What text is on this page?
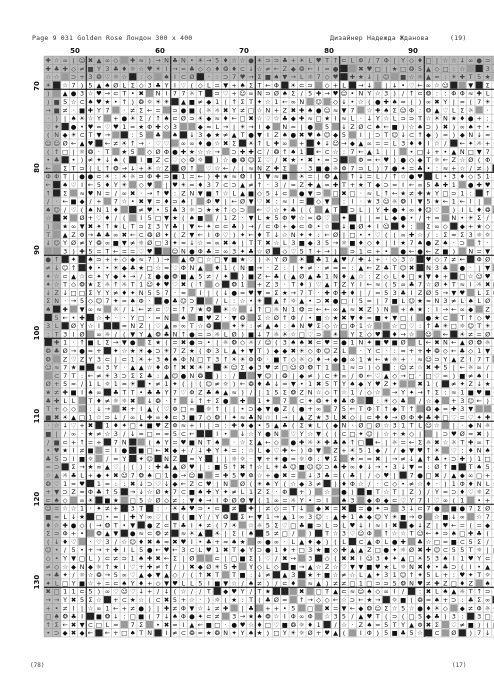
Page 9 031 Golden Rose Лондон 300 х 400	Дизайнер Надежда Жданова	(19)
50	60	70	80	90
70
80
90
100
110
120
130
✚ ☆ ∞ ( ☺ ✖ ▲ ∞ ◇ ✚ ≈ ) → N ♣ N • ☀ → 5 ♦ ☆ ☆ ● ☀ ⊃ ⊃ ♣ + ☀ L ♥ T ↑ ⊂ L Φ / 7 Φ | Y ◇ ♦ □ | ☆ ☆ ↓ ∞ ● ⊃
✚ ♣ ✚ ◇ ≠ ■ Y 3 ♣ ♦ ☼ ☆ ♥ ☀ I → = ♣ ◇ ◇ ♦ ❂ ♦ ⊂ ↓ ☆ ≠ ← Z ◆ ❂ ← I ≈ ●	✖ ♥ □ | ★ □ ❂ 5 ▲ ◇ □ : ☆	3
☆ ☆ ⊃ + 3 ❂ ♡ ☼ ☆ : ◇ ♠ I ⊂ Ø · : ⊃ 7 ♥ → Σ ■ ♠ ▼ → L ☼ 7 ◇ ♥ ✚ ★ ↓ | ☺ ■ ☆ ☼ ▲ ≈ : ☀ ✚ T 5 ★
☀ ☆ 7 ) 5 ▲ ♠ Ø L Σ ◇ 3 ♣ Y I ♡ ( ◇ L = ▼ + ♠ Σ T ← Φ ☀ ⊂ ⊃ ◇ + L → ↓ | ↓ • ♡ ← ∞ ☆ ☺	▼ Σ
) ▲ ● 3 ☆ ♥ → ⊂ T • ✖ N I 7 7 ☼ T ⊃ ♡ + ☺ ∞ N ⊃ Ø ♠ Σ / 5 ✚ → ♥ ☺ • N Y ☆ 3 ) / ↑ ⊂ ❂ : : Φ Φ ≈ ✚ L
) ■ 5 ☆ ⊂ ♠ ♥ ★ • ↑ ) ❂ ☼ ☀ ☀ ▲ ■ ≠ ◆ 1 ( ↑ Σ T ✦ ☆ 1 ← ∞ N ☺ ◇ ↓ • ☆ ( ● ✚ ♠ ≈ ( ) ∞ ✖ Y | ≈ ( 7 ☀
→ ■ ≠ · ■ ✚ Y 7 · ≠ Σ ← = ⊃ ● ■ ( ☼ ☼ ✖ Y ≠ □ ☆ N + Z ✖ ✚ ♠ ● ☺ ≈ ▼ 7 ☆ ✚ ♠ Σ ☺ Φ : ❂ ▲ ♡ L Σ ☼ ·
· ) | ♠ ☀ ☆ Y + ● ☀ Σ / ↑ ♠ ⊂ Ø ⊃ ☀ ◆ ≈ ♦ ← □ ✖ ☆ ♡ ☆ ♣ ◆ ✚ ≈ □ ★ I ≈ L · ↓ Y ☆ L ⊃ ⊃ T ☆ ☀ N ★ ♦ ● + :
♡ ✦ ● • ♥ = ♡ ♥ 1 = ★ Φ ✚ ◇ 3	◆ ≈ L → | ☀ → I ◆ N = | ● 5 ↓ Z Ø ⊂ ♠ ← ■ ) ☆ ♠ ⊃ ) ✖ ) ∞ ♠ + •
( N ◆ ☀ ⊂ T ▼ →	: 5 ♣ ♠ ↓ 3 ◆ ★ ≠ ▲ T ● ▼ I Z ♠ ● ✖ ♥ ♠ ☺ ◆ 5 I | ⊃ T ☺ ↓ ⊂ ↑ ◆ ) = ) ◆ N ↓ ≈
☺ ☺ Ø ← ▲ ♥ ← ≠ ☀ ↑ → · ♡ ♡ ∞ ∞ ♦ ● ☆ ✖ Σ ☀ ↑ L ✚ ∞ + ♦ ↓ ☺ → ◆ ▲ ∞ = = L 3 ♦ ♦ I ☆ / ← ✦ ☼ +
( ↑ □ | ☼ ❂ · T ★ 5 ◇ Ø Φ ● ✚ ★ ☆ ☆ → ⊃ ✚ ✚ ⊂ / ❂ ↑ ♠ 1 ← ⊂ ☆ : 7 ← ▲ 1 | | • □ ↓ + • ▲ N □ ▼ 7
• ♣ • ) ≠ ✦ ↓ ♠ ( I ■ Z ⊂ ♡ ◇ ❂ ☼ ) ☆ ● ❂ ☺ Σ ♡ / ✖ ★ • ✖ • ≈ ⊃	Φ ≈ ← ♥ ) ● ◇ ◆ T ☼ ← Z ☆ Ø ( Φ
← Σ T ⊃ ( L ↑ ❂ → ↓ + ☀ ☆ Z Ø ↑ ♡ ☆ ← / ( ≈ N Z ✚ Σ · 3 ■ ● ☼ Φ 7 ⊃ L ) 7 ● ✦ = ♣ • : ≈ + ☆ / ≠ )
Φ Φ T | ● ● ⊂ ☀ : ☀ ☼ ⊃ Φ ✚ ⊃ ■ 1 = ← ) ✚ ★ ≈ ❂ I 1 ▼ ≈ ■ ☀ = | ❂ ▲ ↑ ↓ = L / ↑ ☆ ● ♥ L • 3 ♦ ◇ 5 1
← ♠ ♡ I ← 5 ♦ Y ☀ ◇ ♥ | ♥ ☀ = ♦ 3 7 ⊂ ⊃ ▲ ≠ ↑ · 3 / = Z ✚ ▲ = ✚ T + ★ T ◆ ⊃ = I ← ∞ 5 ♣ ✚ 1 ● ✚ ♥
↑ Σ ≈ ♥ N = / ∞ ✖ · → ↑ ♥ : Z N ▼ ■ ↑ ☆ L ▲ ■ ◇ 5 ↓ ⊂ ● ▼ ⊃ □ ✖ □ · ≈ L ↑ ← ★ ≠ ✚ ★ Y □ ⊃ 1 : ↑
/ · ← ■ ◆ / + 7 ☆ • ✖ ▼ = ♦ ⊃ ♠ | Φ ♥ | ← Ø ▼ ♡ ✖ : ≈ I = ◇ ▼ : I · ★ 3 ☺ ☼ ❂ I ▼ 5 ★ ← 1 ← I |
♠ ☺ / ♡ ( ♠ N 1 ♦	≠ ♥ • 5 ♣ 3 ☼ ⊃ ★ ★ ↑ ◇ ⊃ ← ♡ ☆ ✦ ♣ ( ( ▲ T ⊃ L ) Y ✚ ● ✦ ∞ ♦ ☺ ♡ ) I L ♦ ❂
☆ ✖ Ø + ♡ ♦ / ( I 5 □ ▼ ★ ( ♠ ■ / 1 Z · ▼ L ★ 5 Φ ♥ ☆ = ❂ ♡ ✦ | | ≈ L ◆ ● • / + ≈ N • ☀ Σ /
) ★ ∞ ▼ ✖ ✦ ↑ ★ L T ⊃ Σ 3 Y ♣ | ▼ ← ✦ ⊂ ⊂ ♣ ) → / ⊂ Φ + ◆ ⊂ Φ • ☆ ↓ ■ Ø ✦ I ☺ ♦ : Σ ∞ ◇ ◆ + ★ ◇
T ▲ Z Φ → ♣ ♣ ∞ ✖ ← ⊂ ❂ Ø ✦ ( Z ▼ ← I Φ ♡ ) ✦ ← ♦ T ↓ ☆ N ✦ ✦ : ← Ø | □ • • ♡ ( ( ∞ ✚ ☆ / : Σ ≈ Σ 3 ☼ ☼
↓ ☺ Y Ø ≠ Y ❂ ∞ ■ ▼ ≠ ☼ Ø □ 3 ✦ ≈ ↓ ☆ = ∞ ✖ ♠ | T T ✖ ☆ L 3 ■ ◆ 3 5 → ☼ ■ ♦ ◇ ♦ | I ★ 7 ♠ ● Z ♠ · ⊃ ↑ ·
3 ) ✚ 5 = T ← = = ♡ ♥	☺ N ● Φ ♣ = ∞ 3 ✦ ♣ ☆ Ø ◇ ♡ 5 ↑ + → ) ⊃ 1 ⊂ + • ● ← ● ← Z ■ ) N = ▼
● ↑ ✦ ♠ ⊃ + + ◇ ◆ ≈ 7 ) → ▲ ❂ □ ☆ □ ▼ ■ ★ ♡ ) ☼ Y Ø ☀ ♣ 1 ▲ ♥ / ✚ ↓ + · ◇ 3 ☆ ♥ ◇ 7 ≠ ← Φ Ø
≠ ↓ ☺ ↑ ♦ • • ☀ ◆ ♣ ★ □ ☆ ≈ ♡ Φ N ▲ ♦ 1 ( N ■ → · Z : | ✦ ≠ · ≠ = = : ▲ ← Z ♣ T ☺ ✖ N 3 ♣ ● · | ▼
✦ ☆ ⊂ ▲ ☆ ⊂ ✦ Y ◆ ✦ → / Σ ● ● ❂ ■ ▲ 5 ≠ / ✦ ) ■ Z ← ♣ ( ▲ Ø ▲ ♣ 1 N ♦ ▲ ☆ : Z ◇ L ♦ □ ★ ▼ ♦ + □ ☆ ☺ ♥
✦ ☆ T ◇ ❂ ★ Σ ☼ ↑ ☼ T 1 ☺ ♦ ♥ ♡ ✖ ( ↑ ◇ ❂ 1 + Z 3 · T ♦ ) ♡ ▲ T Z Y I ← ≈ ( 5 ∞ ♣ 7 ☆ Ø ✦ T ≈ I ☼ ✖
↓ Z ↓ □ □ Σ Y Y ≠ ♦ ✦ N 5 5 7 · ≈ I | ( ↓ ● = ♥ ▼ = Σ ★ → 7 T · ✚ Φ ✚ ♦ | / = 5 3 ♣ I Z Ø 5 → ▼ ♥ L Σ
Σ N · → 5 ◇ ☺ 7 ✦ = ♠ Φ · ● ♣ ☺ ⊃	/ L : ☆ • ☀ ▲ ↑ ☼ ▲ • ⊃ ✖ ● □ I 5 = | 7 ■ L ☺ ★ ≈ N 3 ≠ L ♠ L Ø
♠ ✚ ▼ ∞ ≈ ☼ / ↓ ← ≠ ⊂ ♡ = ↑ 7 ★ ❂ ☀ ☆ ↓ ↑ □ ☼ N 1 ❂ = ← ← ∞ ▲ ≈ ✖ Z ) N + ♠ ★ : I → ← ∞ ◆ Z
5 ← • ✚ ☆ ✚ · · Y □ · = N ♠ ■ ♥ Z · ▼ ❂ Σ ☆ Ø ↑ Φ / • ■ ☆ ★ ✖ ▼ ♦ ≈ ■ ✦ ▼ □ ( ● ★ ⊂ T ↑ ◇ ♥
3 L Ø Y ☆ I	≈ N Z | ♡ ▲ ∞ ∞ T ☆ ❂	✦ ☀ : ≠ ▲ ♠ : ♠ N ♥ Σ ◇ ☆ □ Φ 1 ☆	☆ □ ♡ : ↑ ♣ ☀ □ ☼ ☺ T ☀
: T 3 I Ø ∞ ☼ / ( ▼ Y ▲ ❂ ♣ N ↑ ● = ⊃ ☼ L Ø ) ■ ↓ 7 ☼ ☀ ☆ □ ♡ ⊃ ☀ Y Σ ◇ ♥ ♦ → ☆ ☺ ← ☀ ≠ = Ø
✚ 1 · ↑ ■ L Σ → ▼ ● Σ ★ ( = ✖ ● ⊃ • | ☼ ❂ ◇ ☼ / ☺ ( 3 ♠ ♠ ✖ ⊂ ♥ = ● 1 N ✦ ■ ♥ ■ Ø L ← ✖ N ← ▲ Ø ❂ ☼
❂ ♣ Ø → ● = + ✦ ☆ ★ ☀ ◆ ⊃ ☀ 7 Z ★ ( Φ 3 L ▲ ✦ ▼ T ) ◆ ◆ ✖ ☀ ◇ Φ ☺ Z L · Y ⊂ · : ≈ + + ✚ ❂ ◇ ← ♣ ◇ 1 ▼
❂ Z ♡ Z Y 3 ⊂ | ⊂ 1 ☀ + 3 ♠ ♠ Φ N □ T 3 ↑ ☀ ☀ Φ Φ · ■ T ◇ ☼ ◇ ♦ → ◆ ● ∞ 1 ★ ← ★ ☼ + · ≈ ☺ ⊃ Y ▲ Z I 7 T
☺ ≈ 7 ★ ■ ≈ 3 Y · ▲ ▲ ☆ ♦ Φ ↑ ✖ ✖ ☀ ☀ ☀ ☺ Σ ◆ 3 ♥ ≠ □ ☺ Ø ❂ T 1 1 ≈ ⊃ ) ◇ : ☺ ≠ ☆ ✖ ✚ 5 | ← ☼ ∞ /
⊂ 7 T : ← ≠ ☀ 3 ⊃ Σ Σ ♣ : ▲ ☺ ● N ❂ ) : /	▼ ☺ ) ❂ | ◆ ≠ ) ⊂ ☀ ∞ / Φ ← ♡ ▲ ◇ → □ · □ ♡ = ) ■ ≠ ♠ I
Ø + 5 = / 1 L ☼ 1 ≈ ☀ • ≠ 1 ✦ ( | ( ☺ ≠ ☼ ) ← ❂ ♦ ♣ ↓ ≈ ▼ • 1 ✖ 5 T Y ♠ ◆ Y ♥ Z ✦	✖ 1 ( ≠ ✦ Z ↓ ★
★ ≠ ✚ ■ I ♠ ∞ ♣ T T • ♣ ♣ Y 7 ♡ Φ Z ♣ ♠ ▲ ≈ ) / | 1 5 Σ ❂ Z N ☆ ◇ T ☆ 1 / ◇ ☆ → Y ✦ → ↑ Σ : ≈ 1 ■ ♥ ■
♣ ✚ L L T ♦ ≠ ☼ ☼ ✖ ↓ ❂ · ↑ ↓ ↑ + Σ ● ✚ 1 ✦ 7 ⊂ ✦ ❂ ✦ ♦ ♣ Φ	: ☀ ◇ ♣ / ☆ ◆ + 3 ☺ ← )
T + ◇ ◇ : ↓ → ✖ + I ▲ ( ♡ Φ □ ∞ ☼ ↑ ( | • ⊃ ◆ ▼ ● Z ( ● + ∞ 7 5 ← T Φ T ↑ ◆ T ↑ ❂ ◆ = ✚ 3 ▼
■ ✖ ☀ ▲ □ 1 ☆ ⊃ ↓ / ∞ L ✚ ∞ ♦ ⊂ 3 ■ 7 ◇ ❂ I ✦ ≈ ♣ N ☆ I → | ▲ Z ★ 3 L ✖ ◇ | ⊂ ✚ ♦ → Ø Φ ✚ ♣ ✚ □ ♡ = ♡ ✦ ✚
· ☆ ↓ ♡ + ✖ 1 ♦ ✦ □ ✦ ■ ♥ Z Φ ≈ + I | ⊃ : ✚ ♦ ◆ • 5 ▲ ♣ ( Σ ★ L ( ◆ N · Ø □ Ø ☆ 3 1 T L ☺ ☆ | · ◆ N ☼
■ | / ∞ · ★ ≠ ☆ 3 / ↓ = □ = ≈ 5 ⊂ ←	I • ↓ ☆ Y ● N ♡ Y ☆ ▼ ( ( ⊂ □ ✦ ☺ | ☆ + ★ ◇ | | ⊃ ♥ Ø = ✖ )
/ ■ ⊂ + ↑ = + 7 N	( ♠ Y = ♥ ■ N T ♠ · ☆ Σ ▲ ← ◇ ● ✚ ☼ ☀ ✚ ♣ ♠ ↑ □ ← | ☼ = ← Σ ☼ ✖ ☆ ☼ T ✚ ∞ T
• ♥ ★ I ≠ ■ = I ● ■ □ ← ✖ ◆ + / ↓ ✚ Y ✦ = : ☆ L ◆ ♡ ✚ ← ) Φ ▼ Z + ☀ 5 1 ◆ / / ◆ ▼ ♥ ↑ ☀ ♡ : ♦ N ♠
♣ 5 ⊃ I ■ ☼ / = Y ✦ ☺ N Z ≈ Y | | ☼ ☼ · ▼ + ☀ ● = ☼ Φ : ♥ Σ ★ = ≈ ✖ | → ≠ ↓ ▲ ↑ ♣ • ⊃ ✚ ) 1 □
= ⊃ Σ → ★ ∞ ▲ ♡ | ( ) : ✚ ♣ ▲ Ø ♥ | : ■ 5 ↑ ✖ ↑ ☆ L ☀ ♣ ☺ ■ ☺ ☺ ⊃ ♠ ✚ ∞ ♦ ↓ → • 3 ↓ ▼ ≈ : Ø ↑ ■ T ♠ 5
☆ ▲ ☼ ♣ L + ◆ ✦ ✖ ☺ 7 ❂ ♠ □ 1 ● → ☺ ■ = ✚ 5 ♥ Φ ☆ + ● ✖ = ↓ 3 ♣ = ( ♣ | / ◇ ♥ | 7 ● □ ✖ / ▲ ◆ ∞ □ +
❂ ♡ 1 = ♥ 1 = : : ✖ ↓ ⊃ ♡ ↓ ◆ ← Z ⊂ ♥ | N Ø ( ☀ ♠ Y ( ☆ ◆ 3 ≠ ) ♦ Φ ☆ / · ⊂ ◇ • ≠ ☆ ♦ · ) 1 Φ ♦ N L
+ ▼ ⊃ Z ≈ Φ ♣ ↑ 5 → ↓ ☆ Ø ★ 7 ⊂ ■ ♠ ✚ Y ✦ ≠ L 1 Z Σ · Φ + ) ☆ ● ) ■ T ☆ T | Z ) / Y = ⊃ ♦ ♡ ☼ Z
⊂ ♠ ◇ ∞ ☀ ■ ★ □ 5 ☆ Ø ◇ ≠ : ▼ ♦ → I Φ Ø ❂ ▼ ( 1 ∞ = ☼ Y • ⊃ I ♠ 3 ◆ Φ ◆ ⊂ ♡ Y 7 I ♡ ∞ ( 1 • +
☺ = ☆ ☆ 1 · ✦ ≠ + 3 T : · ☀ ♣ ♥ ⊃ • ⊂ ≠ ✚ | ≠ ◇ = T ↓ ◆ ✖ = ✖ = ● ✦ ⊃ 3 ↓ ⊂ 7 ● ■ ● 7 Σ Ø
■ ≈ L ↓ ★ □ • = | ✚ Y ∞ ♡ ( ( ■ Y / Y ❂ Σ ← ▼ 1 → ▲ 1 ∞ 3 ☺ : ▲ ✚ 1 ♠ ◆ ☺ Y ☀ ■ → Φ ☆ ■ ↓ ∞ ☆ 7
♦ ☆ ✚ ● ◇ ( → ❂ T • ▼ ● Z ⊂ T ♣ I ✦ ≠ ( 7 ☀ ☆ ☼ 5 Σ ♡ □ ♣ ■ ⊃ L ⊃ L ♥ ↓ I ≈ I ✖ ◆ ↓ Z | ♥ ← = ( = ◆
Σ ⊃ Φ + • ❂ ▲ ▼ ● ≈ ⊂ ❂ ≠ ≈ ☀ ▲ ☀ | Σ ( ♠ 5 ≠ □ / ) T ☆ 3 ♡ ☺ Φ ↑ ☆ ☆ T ☺ ← ✦ ⊃ ♠ □ ✚ ♣ (
( ↓ ♦ ♡ · ♡ 3 / ☆ ☺ ♦ ✖ ♠ ≈ ✖ ♥ I • ♣ + ≈ ♠ ★ ∞ ● ∞ · L ▲ ♦ ◆ ) ( L ⊂ ▲ Φ L ● ✚ ♣ ☆ □ = ■ ⊂ 5 Σ /
☺ • / 5 • + → + ✚ I L 5 ● ← ♥ ← 3 ⊂ L ♥ 1 ✖ T ◆ Y ⊃ ● 1 ♦ + □ 3 ★ ■ ◇ ✚ ▲ ▲ Z □ ● ✦ ☼ Ø ✖ ✚ ☺ ⊂ 5 5 T ☼ |
◇ • Y ▼ □ L ) ⊂ ≠ ⊃ 1 ♠ ✚ ✖ ← Σ | Ø	⊂ | □ ■ Σ ) ♡ / ✖ → 3 ◇ ( ✖ ✖ I ☺ 3 ♦ ✦ ▲ □ ☀ 5 3 ♠ I 1 ♥ Y ⊂
≠ ◇ ☆ ◆ N ◆ ☼ ↑ ★ I ♡ + ✚ ≠ ↑ / ) ✖ ◆ Ø ☀ 5 ✚ Y ◇ L ◇ ■ → ▲ ☆ Z ☆ ♡ ▼ ▼ ■ ♥ ★ L ☼ N ✖ ♦ • ♣ ⊃ ( I • ▲
→ ♣ ✦ / ☼ ☆ ❂ → 5 ∞ ♡ ▲ ◆ ▼ ▲ ◇ / ( ↑ ✖ T T ■ : ↓ ≠ ▲ 3 ★ + ■ ☆ ≠ ☆ L ▲ ✦ 3 1 ☺ ↑ ✦ 5 L + : ♥ ✦ T ☼
✦ L □ Y ■ ☆ + = ⊂ ♠ Y ♦ + ◇ ▼ ♥ L L 5 I ■ ▼ ☆ / ♠ ≠ ) / ⊂ ♦ ≈ ▲ ) ≠ ≠ □ 1 □ ⊃ ⊃ 5 ❂ N ♥ ≠ ✚ Z □ ♦ Z ♠
✖ □ 1 1 ⊂ 5 ) ∞ ♡ ☺ ♡ ↓ + / ↓ ( ☆ / / T ◆ ♥ Y / T ★	✖ □ T ▲ ⊂ ≈ ☺ ♠ ◇ ∞ I / : ✖ L ♠ ▲ ☼ T ↑ ⊃
→ → Y ✖ 5 Σ ☆ + ⊂ ★ ☆ ( ⊂ ✖ 5 + ☆ · ) ☼ ( ★ : T ( ♣ Ø = ↑ → ◇ ◇ ← ☆ ⊃ ← ★ → ☼ ■ ( ❂ = ♠ + ⊃ : ♣ Σ ∞
+ • ≠ I | ☆ ∞ 1 ← + ≠ ● ) | ✚ ≠ Φ ▼ ☆ ↓ ≠ ✚ | ♣ + + • 5 □ ✖ = ▼ ← ◆ ❂ ☺ Σ ☆ 5 ☆ ● ♦ ☀ ◇ ◆ ≠ Φ ☼
□ ♠ ❂ ♣ I ■ ❂ ↓ : □ ■ ( 7 ↓ ♠ Φ ● ✦ ⊂ ≠ 3 → ★ ♠ ❂ ☆ I Φ ∞ Φ ☆ 3 5 / ▲ ♥ T ( ⊃ ( □ 5 ◆ ♣ ) 3 : 3 □
↑ Σ ← ✖ ▼ ⊂ □ L = 7 Σ • ✖ ≈ I ▲ ← ■ □ · ● ♥ ☆ ♦ □ ♡ ■ ❂ ☼ ♦ 1 / ☆ · Z ♠ = 5 T Y ▲ Φ ✖ Σ ♡ ≠ ■ ) (
• ⊃ ◆ ✖ ◆ ← ← + □ ♠ T N I ≠ ⊂ ❂ = ★ ❂ N ✦ Y ♠ ★ ) □ Y ☀ ☼ Ø + ♥ ▲ ( I Φ ) 5 ■ ♣ 5 ☆ ⊂ Ø ) 7 ↓
(78)	(17)
